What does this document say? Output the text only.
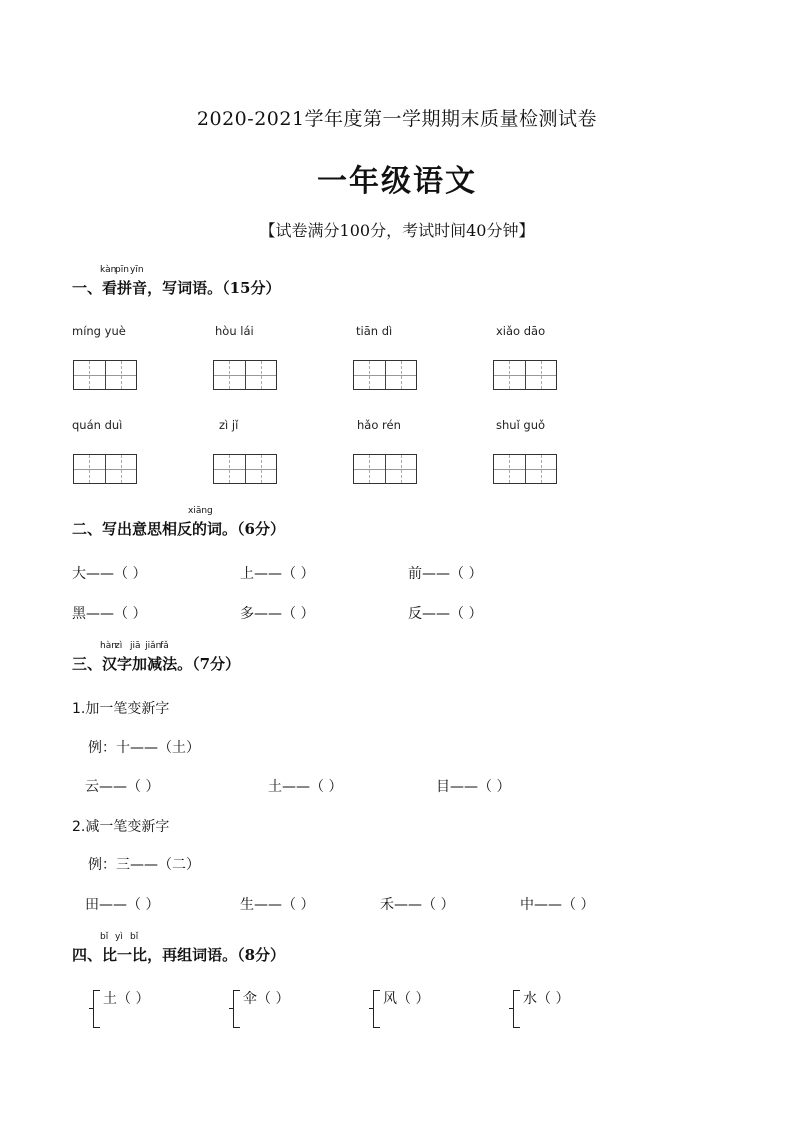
2020-2021学年度第一学期期末质量检测试卷
一年级语文
【试卷满分100分，考试时间40分钟】
一、
kàn
看
pīn
拼
yīn
音，写词语。（15分）
míng yuè	hòu lái	tiān dì	xiǎo dāo
quán duì	zì jǐ	hǎo rén	shuǐ guǒ
二、写出意思相反的词。（6分）
xiāng
大——（ ）	上——（ ）	前——（ ）
黑——（ ）	多——（ ）	反——（ ）
三、
hàn
汉
zì
字
jiā
加
jiǎn
减
fǎ
法。（7分）
1.加一笔变新字
例：十——（土）
云——（ ）	土——（ ）	目——（ ）
2.减一笔变新字
例：三——（二）
田——（ ）	生——（ ）	禾——（ ）	中——（ ）
四、
bǐ
比
yì
一
bǐ
比，再组词语。（8分）
土（ ）	伞（ ）	风（ ）	水（ ）
